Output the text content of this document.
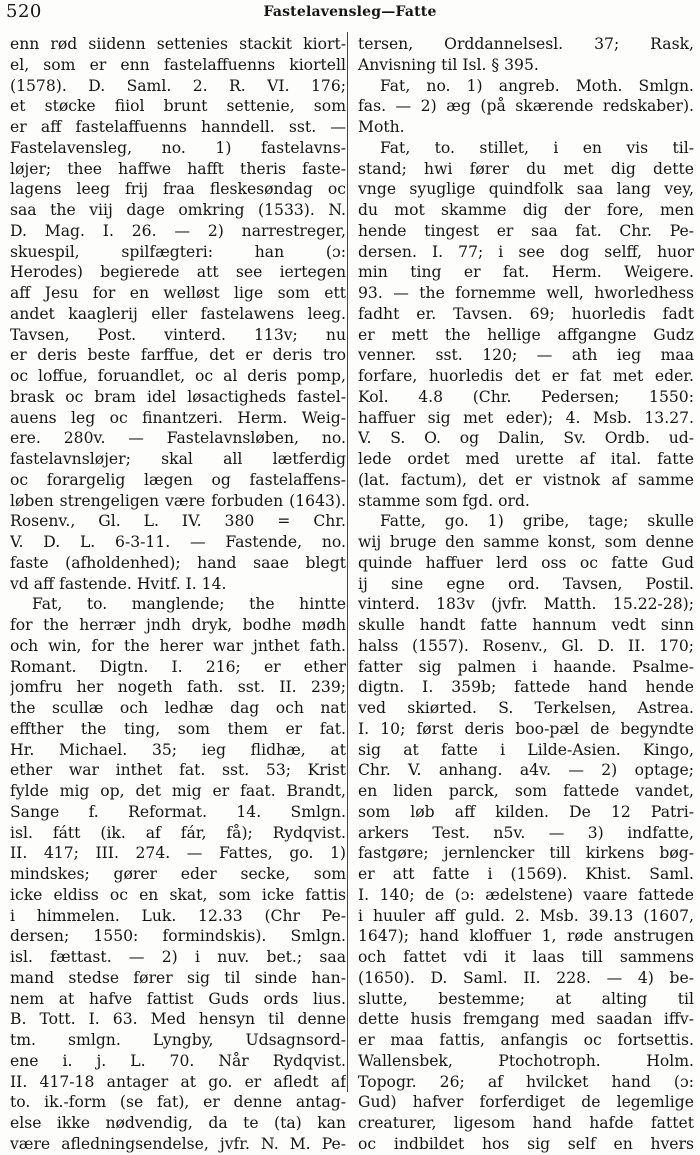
520	Fastelavensleg—Fatte
enn rød siidenn settenies stackit kiort-
el, som er enn fastelaffuenns kiortell
(1578). D. Saml. 2. R. VI. 176;
et støcke fiiol brunt settenie, som
er aff fastelaffuenns hanndell. sst. —
Fastelavensleg, no. 1) fastelavns-
løjer; thee haffwe hafft theris faste-
lagens leeg frij fraa fleskesøndag oc
saa the viij dage omkring (1533). N.
D. Mag. I. 26. — 2) narrestreger,
skuespil, spilfægteri: han (ɔ:
Herodes) begierede att see iertegen
aff Jesu for en welløst lige som ett
andet kaaglerij eller fastelawens leeg.
Tavsen, Post. vinterd. 113v; nu
er deris beste farffue, det er deris tro
oc loffue, foruandlet, oc al deris pomp,
brask oc bram idel løsactigheds fastel-
auens leg oc finantzeri. Herm. Weig-
ere. 280v. — Fastelavnsløben, no.
fastelavnsløjer; skal all lætferdig
oc forargelig lægen og fastelaffens-
løben strengeligen være forbuden (1643).
Rosenv., Gl. L. IV. 380 = Chr.
V. D. L. 6-3-11. — Fastende, no.
faste (afholdenhed); hand saae blegt
vd aff fastende. Hvitf. I. 14.
Fat, to. manglende; the hintte
for the herrær jndh dryk, bodhe mødh
och win, for the herer war jnthet fath.
Romant. Digtn. I. 216; er ether
jomfru her nogeth fath. sst. II. 239;
the scullæ och ledhæ dag och nat
effther the ting, som them er fat.
Hr. Michael. 35; ieg flidhæ, at
ether war inthet fat. sst. 53; Krist
fylde mig op, det mig er faat. Brandt,
Sange f. Reformat. 14. Smlgn.
isl. fátt (ik. af fár, få); Rydqvist.
II. 417; III. 274. — Fattes, go. 1)
mindskes; gører eder secke, som
icke eldiss oc en skat, som icke fattis
i himmelen. Luk. 12.33 (Chr Pe-
dersen; 1550: formindskis). Smlgn.
isl. fættast. — 2) i nuv. bet.; saa
mand stedse fører sig til sinde han-
nem at hafve fattist Guds ords lius.
B. Tott. I. 63. Med hensyn til denne
tm. smlgn. Lyngby, Udsagnsord-
ene i. j. L. 70. Når Rydqvist.
II. 417-18 antager at go. er afledt af
to. ik.-form (se fat), er denne antag-
else ikke nødvendig, da te (ta) kan
være afledningsendelse, jvfr. N. M. Pe-
tersen, Orddannelsesl. 37; Rask,
Anvisning til Isl. § 395.
Fat, no. 1) angreb. Moth. Smlgn.
fas. — 2) æg (på skærende redskaber).
Moth.
Fat, to. stillet, i en vis til-
stand; hwi fører du met dig dette
vnge syuglige quindfolk saa lang vey,
du mot skamme dig der fore, men
hende tingest er saa fat. Chr. Pe-
dersen. I. 77; i see dog selff, huor
min ting er fat. Herm. Weigere.
93. — the fornemme well, hworledhess
fadht er. Tavsen. 69; huorledis fadt
er mett the hellige affgangne Gudz
venner. sst. 120; — ath ieg maa
forfare, huorledis det er fat met eder.
Kol. 4.8 (Chr. Pedersen; 1550:
haffuer sig met eder); 4. Msb. 13.27.
V. S. O. og Dalin, Sv. Ordb. ud-
lede ordet med urette af ital. fatte
(lat. factum), det er vistnok af samme
stamme som fgd. ord.
Fatte, go. 1) gribe, tage; skulle
wij bruge den samme konst, som denne
quinde haffuer lerd oss oc fatte Gud
ij sine egne ord. Tavsen, Postil.
vinterd. 183v (jvfr. Matth. 15.22-28);
skulle handt fatte hannum vedt sinn
halss (1557). Rosenv., Gl. D. II. 170;
fatter sig palmen i haande. Psalme-
digtn. I. 359b; fattede hand hende
ved skiørted. S. Terkelsen, Astrea.
I. 10; først deris boo-pæl de begyndte
sig at fatte i Lilde-Asien. Kingo,
Chr. V. anhang. a4v. — 2) optage;
en liden parck, som fattede vandet,
som løb aff kilden. De 12 Patri-
arkers Test. n5v. — 3) indfatte,
fastgøre; jernlencker till kirkens bøg-
er att fatte i (1569). Khist. Saml.
I. 140; de (ɔ: ædelstene) vaare fattede
i huuler aff guld. 2. Msb. 39.13 (1607,
1647); hand kloffuer 1, røde anstrugen
och fattet vdi it laas till sammens
(1650). D. Saml. II. 228. — 4) be-
slutte, bestemme; at alting til
dette husis fremgang med saadan iffv-
er maa fattis, anfangis oc fortsettis.
Wallensbek, Ptochotroph. Holm.
Topogr. 26; af hvilcket hand (ɔ:
Gud) hafver forferdiget de legemlige
creaturer, ligesom hand hafde fattet
oc indbildet hos sig self en hvers
